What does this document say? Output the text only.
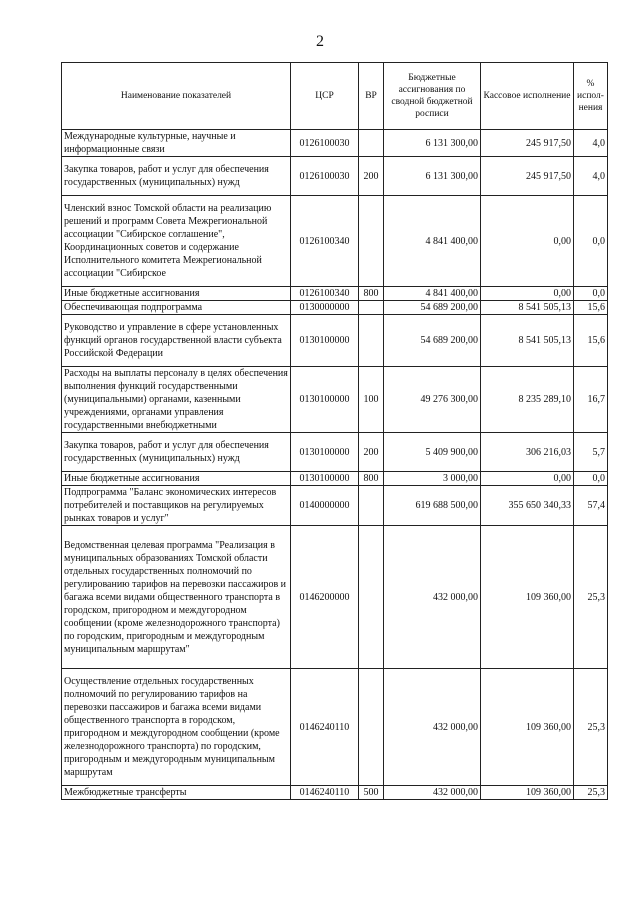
2
Наименование показателей	ЦСР	ВР	Бюджетные ассигнования по сводной бюджетной росписи	Кассовое исполнение	% испол-нения
Международные культурные, научные и информационные связи	0126100030		6 131 300,00	245 917,50	4,0
Закупка товаров, работ и услуг для обеспечения государственных (муниципальных) нужд	0126100030	200	6 131 300,00	245 917,50	4,0
Членский взнос Томской области на реализацию решений и программ Совета Межрегиональной ассоциации "Сибирское соглашение", Координационных советов и содержание Исполнительного комитета Межрегиональной ассоциации "Сибирское	0126100340		4 841 400,00	0,00	0,0
Иные бюджетные ассигнования	0126100340	800	4 841 400,00	0,00	0,0
Обеспечивающая подпрограмма	0130000000		54 689 200,00	8 541 505,13	15,6
Руководство и управление в сфере установленных функций органов государственной власти субъекта Российской Федерации	0130100000		54 689 200,00	8 541 505,13	15,6
Расходы на выплаты персоналу в целях обеспечения выполнения функций государственными (муниципальными) органами, казенными учреждениями, органами управления государственными внебюджетными	0130100000	100	49 276 300,00	8 235 289,10	16,7
Закупка товаров, работ и услуг для обеспечения государственных (муниципальных) нужд	0130100000	200	5 409 900,00	306 216,03	5,7
Иные бюджетные ассигнования	0130100000	800	3 000,00	0,00	0,0
Подпрограмма "Баланс экономических интересов потребителей и поставщиков на регулируемых рынках товаров и услуг"	0140000000		619 688 500,00	355 650 340,33	57,4
Ведомственная целевая программа "Реализация в муниципальных образованиях Томской области отдельных государственных полномочий по регулированию тарифов на перевозки пассажиров и багажа всеми видами общественного транспорта в городском, пригородном и междугородном сообщении (кроме железнодорожного транспорта) по городским, пригородным и междугородным муниципальным маршрутам"	0146200000		432 000,00	109 360,00	25,3
Осуществление отдельных государственных полномочий по регулированию тарифов на перевозки пассажиров и багажа всеми видами общественного транспорта в городском, пригородном и междугородном сообщении (кроме железнодорожного транспорта) по городским, пригородным и междугородным муниципальным маршрутам	0146240110		432 000,00	109 360,00	25,3
Межбюджетные трансферты	0146240110	500	432 000,00	109 360,00	25,3
